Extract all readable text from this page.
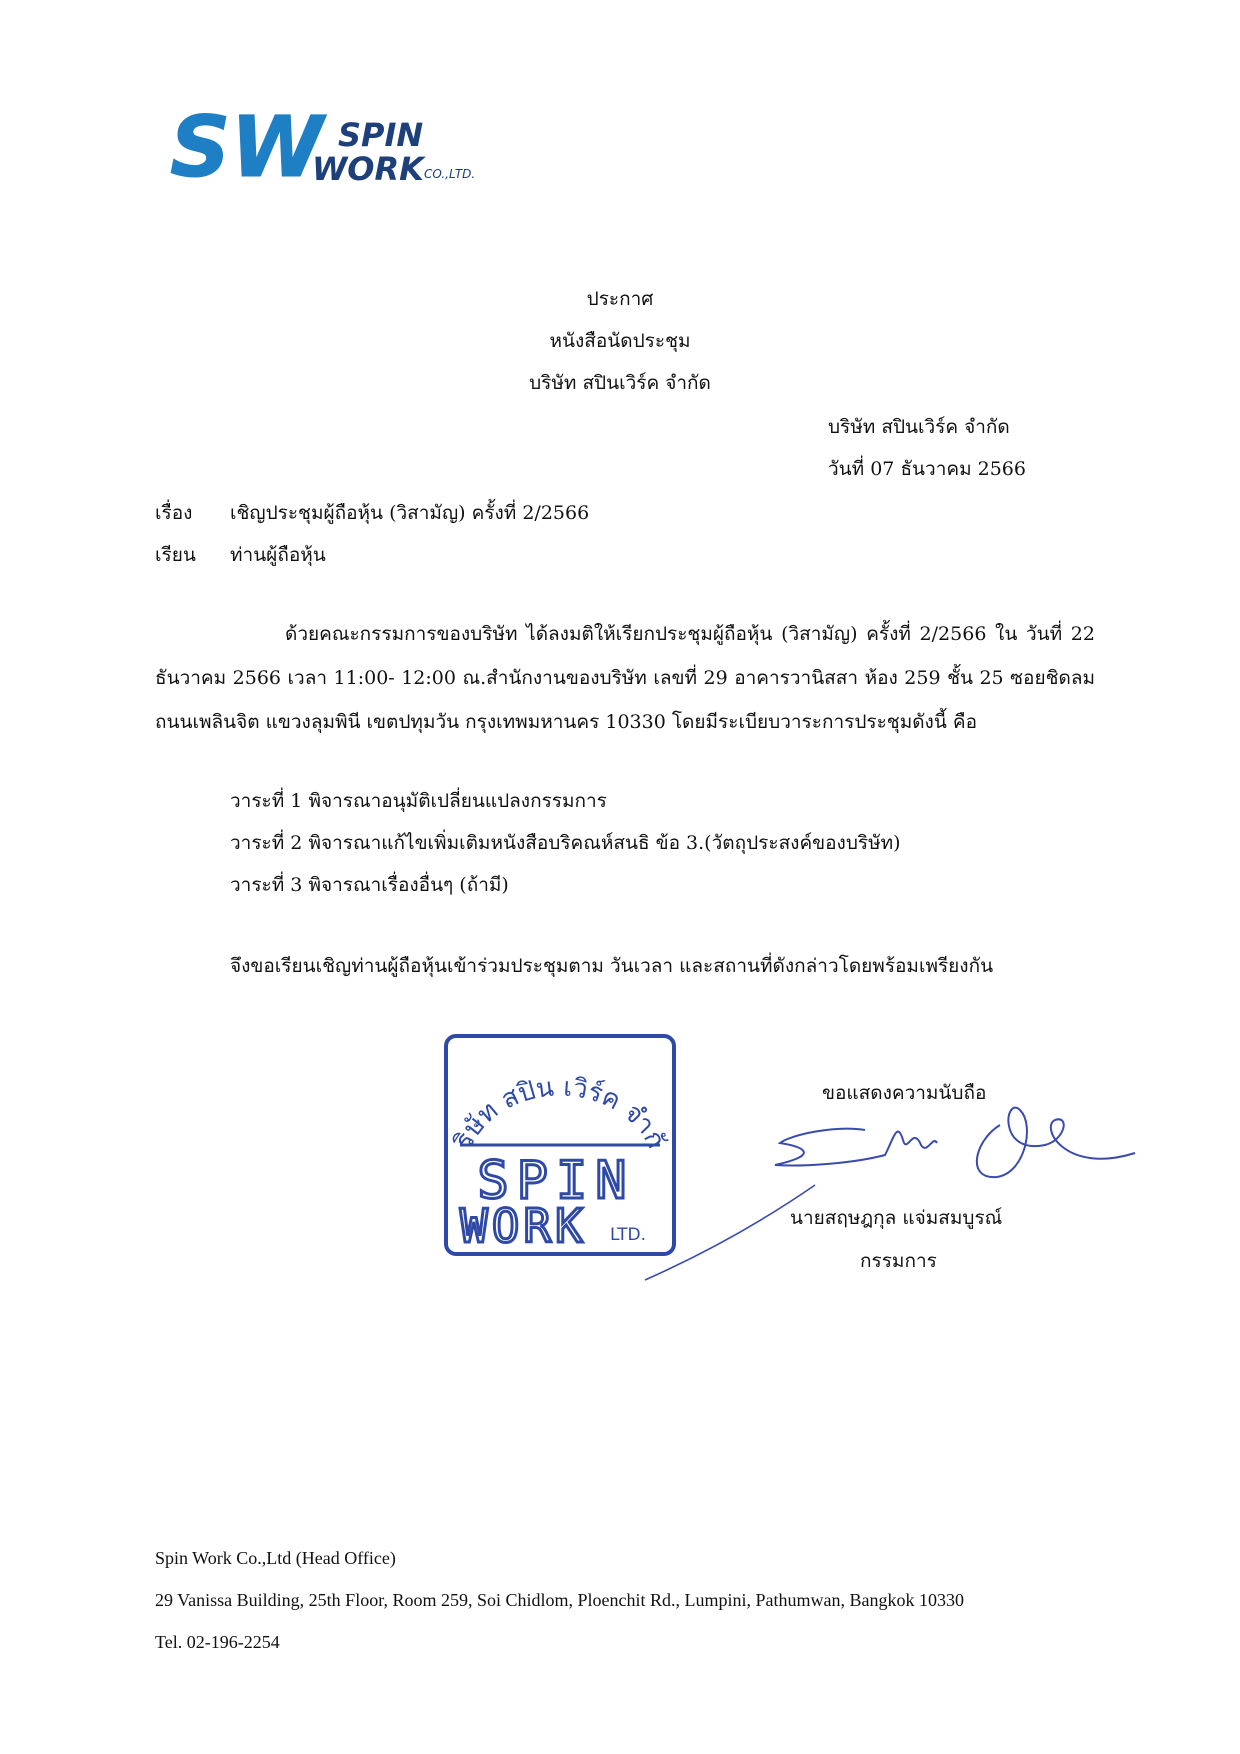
SW SPIN
WORK CO.,LTD.
ประกาศ
หนังสือนัดประชุม
บริษัท สปินเวิร์ค จำกัด
บริษัท สปินเวิร์ค จำกัด
วันที่ 07 ธันวาคม 2566
เรื่อง เชิญประชุมผู้ถือหุ้น (วิสามัญ) ครั้งที่ 2/2566
เรียน ท่านผู้ถือหุ้น
ด้วยคณะกรรมการของบริษัท ได้ลงมติให้เรียกประชุมผู้ถือหุ้น (วิสามัญ) ครั้งที่ 2/2566 ใน วันที่ 22 ธันวาคม 2566 เวลา 11:00- 12:00 ณ.สำนักงานของบริษัท เลขที่ 29 อาคารวานิสสา ห้อง 259 ชั้น 25 ซอยชิดลม ถนนเพลินจิต แขวงลุมพินี เขตปทุมวัน กรุงเทพมหานคร 10330 โดยมีระเบียบวาระการประชุมดังนี้ คือ
วาระที่ 1 พิจารณาอนุมัติเปลี่ยนแปลงกรรมการ
วาระที่ 2 พิจารณาแก้ไขเพิ่มเติมหนังสือบริคณห์สนธิ ข้อ 3.(วัตถุประสงค์ของบริษัท)
วาระที่ 3 พิจารณาเรื่องอื่นๆ (ถ้ามี)
จึงขอเรียนเชิญท่านผู้ถือหุ้นเข้าร่วมประชุมตาม วันเวลา และสถานที่ดังกล่าวโดยพร้อมเพรียงกัน
ริษัท สปิน เวิร์ค จำกั
SPIN
WORK LTD.
ขอแสดงความนับถือ
นายสฤษฎกุล แจ่มสมบูรณ์
กรรมการ
Spin Work Co.,Ltd (Head Office)
29 Vanissa Building, 25th Floor, Room 259, Soi Chidlom, Ploenchit Rd., Lumpini, Pathumwan, Bangkok 10330
Tel. 02-196-2254
